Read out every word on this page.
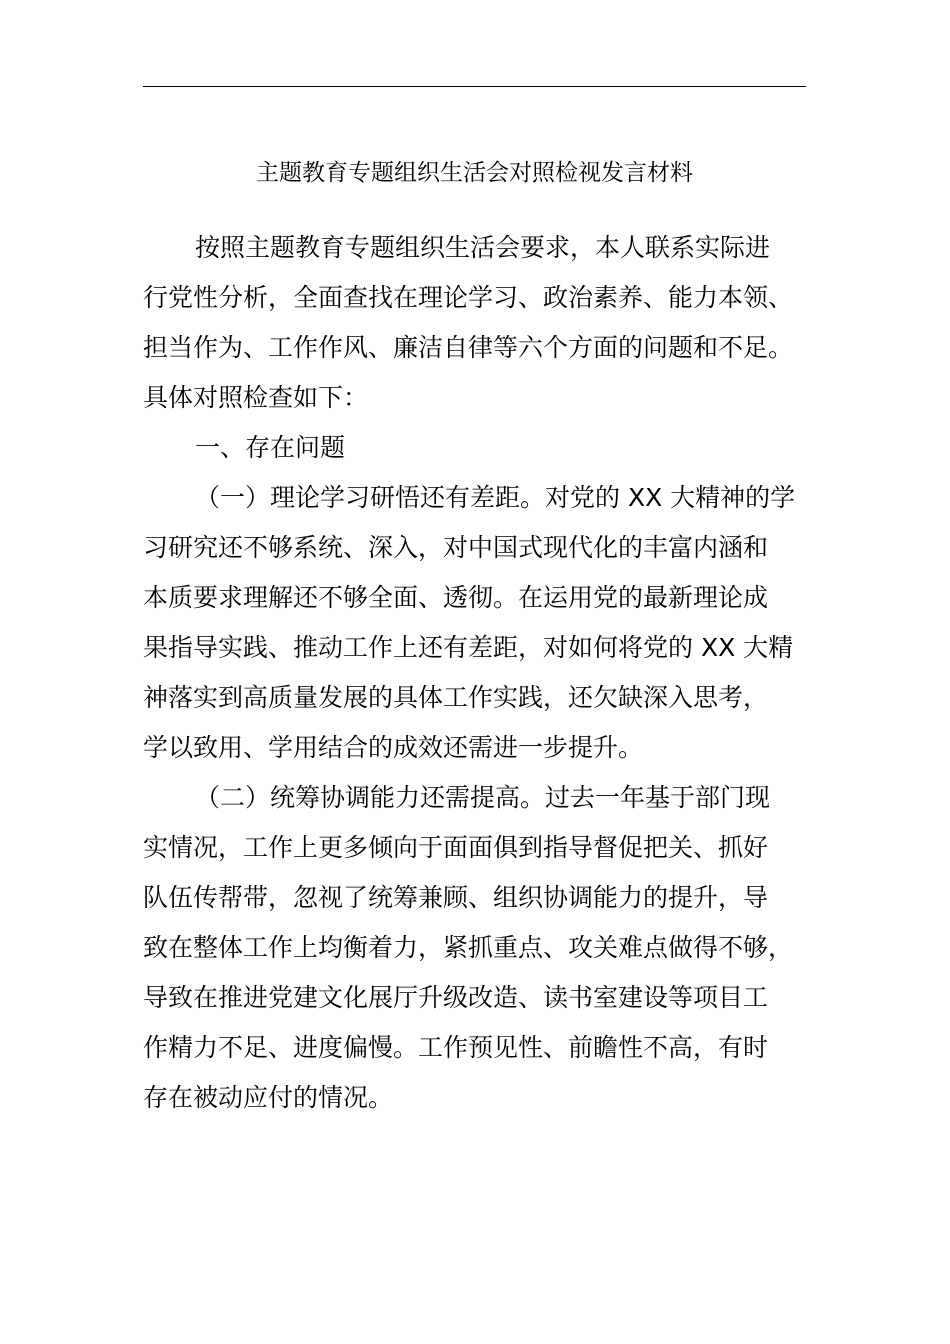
主题教育专题组织生活会对照检视发言材料
按照主题教育专题组织生活会要求，本人联系实际进
行党性分析，全面查找在理论学习、政治素养、能力本领、
担当作为、工作作风、廉洁自律等六个方面的问题和不足。
具体对照检查如下：
一、存在问题
（一）理论学习研悟还有差距。对党的 XX 大精神的学
习研究还不够系统、深入，对中国式现代化的丰富内涵和
本质要求理解还不够全面、透彻。在运用党的最新理论成
果指导实践、推动工作上还有差距，对如何将党的 XX 大精
神落实到高质量发展的具体工作实践，还欠缺深入思考，
学以致用、学用结合的成效还需进一步提升。
（二）统筹协调能力还需提高。过去一年基于部门现
实情况，工作上更多倾向于面面俱到指导督促把关、抓好
队伍传帮带，忽视了统筹兼顾、组织协调能力的提升，导
致在整体工作上均衡着力，紧抓重点、攻关难点做得不够，
导致在推进党建文化展厅升级改造、读书室建设等项目工
作精力不足、进度偏慢。工作预见性、前瞻性不高，有时
存在被动应付的情况。
